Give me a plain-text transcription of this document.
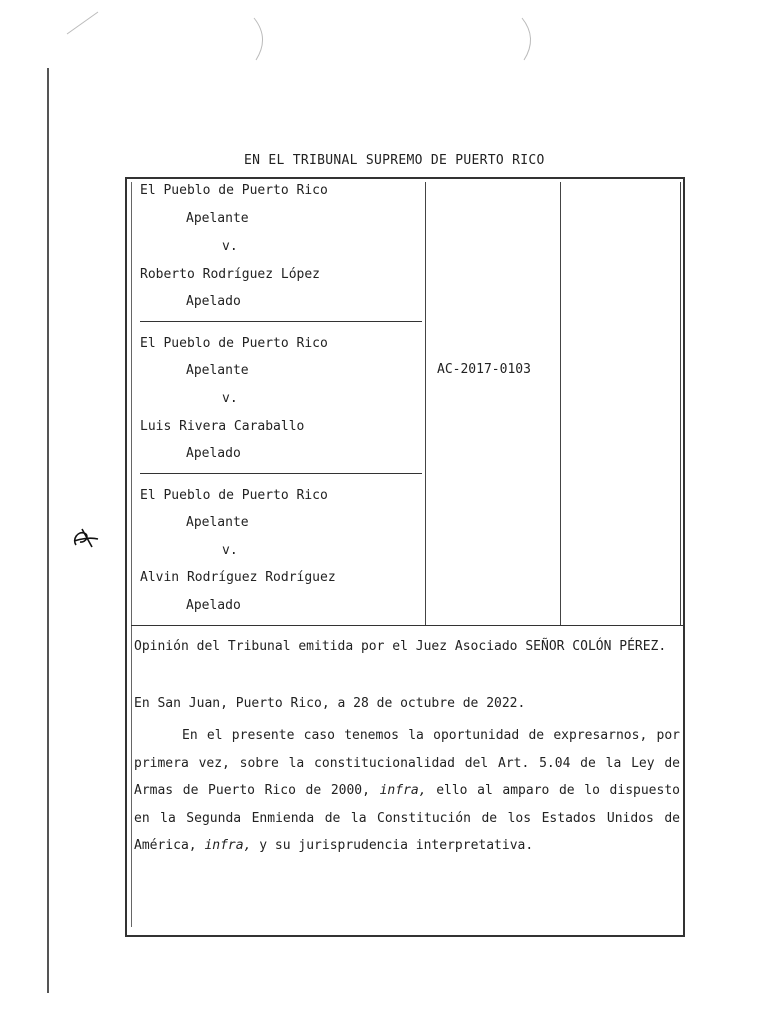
EN EL TRIBUNAL SUPREMO DE PUERTO RICO
El Pueblo de Puerto Rico
Apelante
v.
Roberto Rodríguez López
Apelado
El Pueblo de Puerto Rico
Apelante
v.
Luis Rivera Caraballo
Apelado
El Pueblo de Puerto Rico
Apelante
v.
Alvin Rodríguez Rodríguez
Apelado
AC-2017-0103
Opinión del Tribunal emitida por el Juez Asociado SEÑOR COLÓN PÉREZ.
En San Juan, Puerto Rico, a 28 de octubre de 2022.
En el presente caso tenemos la oportunidad de expresarnos, por primera vez, sobre la constitucionalidad del Art. 5.04 de la Ley de Armas de Puerto Rico de 2000, infra, ello al amparo de lo dispuesto en la Segunda Enmienda de la Constitución de los Estados Unidos de América, infra, y su jurisprudencia interpretativa.
